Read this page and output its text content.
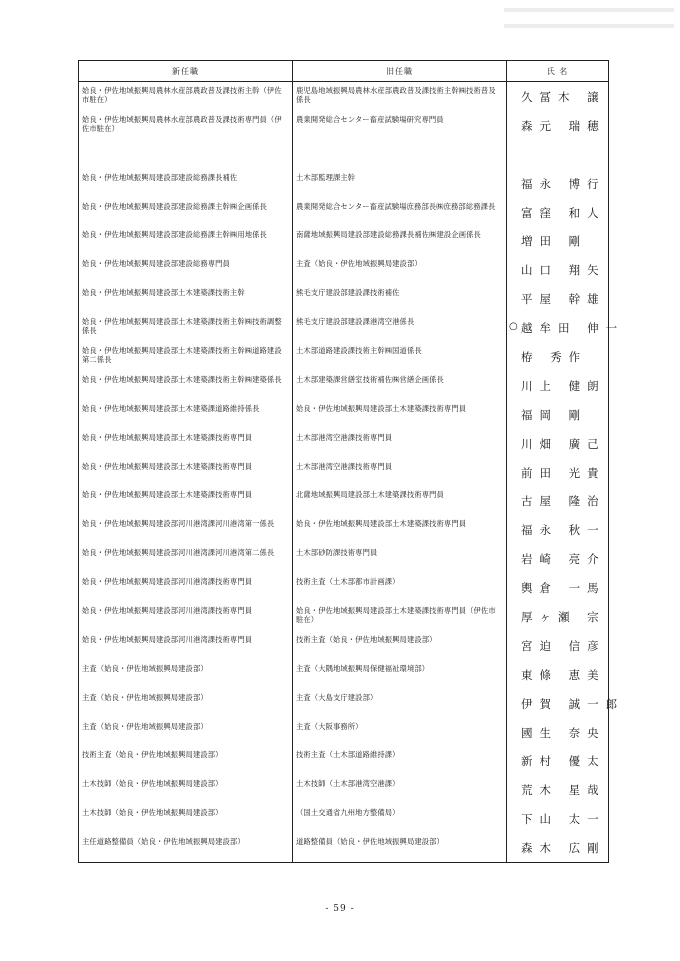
新任職	旧任職	氏 名

姶良・伊佐地域振興局農林水産部農政普及課技術主幹（伊佐市駐在）	鹿児島地域振興局農林水産部農政普及課技術主幹㈱技術普及係長	久冨木 譲

姶良・伊佐地域振興局農林水産部農政普及課技術専門員（伊佐市駐在）	農業開発総合センター畜産試験場研究専門員	森元 瑞穂

姶良・伊佐地域振興局建設部建設総務課長補佐	土木部監理課主幹	福永 博行

姶良・伊佐地域振興局建設部建設総務課主幹㈱企画係長	農業開発総合センター畜産試験場庶務部長㈱庶務部総務課長	富窪 和人

姶良・伊佐地域振興局建設部建設総務課主幹㈱用地係長	南薩地域振興局建設部建設総務課長補佐㈱建設企画係長	増田 剛

姶良・伊佐地域振興局建設部建設総務専門員	主査（姶良・伊佐地域振興局建設部）	山口 翔矢

姶良・伊佐地域振興局建設部土木建築課技術主幹	熊毛支庁建設部建設課技術補佐	平屋 幹雄

姶良・伊佐地域振興局建設部土木建築課技術主幹㈱技術調整係長	熊毛支庁建設部建設課港湾空港係長	○ 越牟田 伸一

姶良・伊佐地域振興局建設部土木建築課技術主幹㈱道路建設第二係長	土木部道路建設課技術主幹㈱国道係長	栫 秀作

姶良・伊佐地域振興局建設部土木建築課技術主幹㈱建築係長	土木部建築課営繕室技術補佐㈱営繕企画係長	川上 健朗

姶良・伊佐地域振興局建設部土木建築課道路維持係長	姶良・伊佐地域振興局建設部土木建築課技術専門員	福岡 剛

姶良・伊佐地域振興局建設部土木建築課技術専門員	土木部港湾空港課技術専門員	川畑 廣己

姶良・伊佐地域振興局建設部土木建築課技術専門員	土木部港湾空港課技術専門員	前田 光貴

姶良・伊佐地域振興局建設部土木建築課技術専門員	北薩地域振興局建設部土木建築課技術専門員	古屋 隆治

姶良・伊佐地域振興局建設部河川港湾課河川港湾第一係長	姶良・伊佐地域振興局建設部土木建築課技術専門員	福永 秋一

姶良・伊佐地域振興局建設部河川港湾課河川港湾第二係長	土木部砂防課技術専門員	岩崎 亮介

姶良・伊佐地域振興局建設部河川港湾課技術専門員	技術主査（土木部都市計画課）	輿倉 一馬

姶良・伊佐地域振興局建設部河川港湾課技術専門員	姶良・伊佐地域振興局建設部土木建築課技術専門員（伊佐市駐在）	厚ヶ瀬 宗

姶良・伊佐地域振興局建設部河川港湾課技術専門員	技術主査（姶良・伊佐地域振興局建設部）	宮迫 信彦

主査（姶良・伊佐地域振興局建設部）	主査（大隅地域振興局保健福祉環境部）	東條 恵美

主査（姶良・伊佐地域振興局建設部）	主査（大島支庁建設部）	伊賀 誠一郎

主査（姶良・伊佐地域振興局建設部）	主査（大阪事務所）	國生 奈央

技術主査（姶良・伊佐地域振興局建設部）	技術主査（土木部道路維持課）	新村 優太

土木技師（姶良・伊佐地域振興局建設部）	土木技師（土木部港湾空港課）	荒木 星哉

土木技師（姶良・伊佐地域振興局建設部）	（国土交通省九州地方整備局）	下山 太一

主任道路整備員（姶良・伊佐地域振興局建設部）	道路整備員（姶良・伊佐地域振興局建設部）	森木 広剛
- 59 -
